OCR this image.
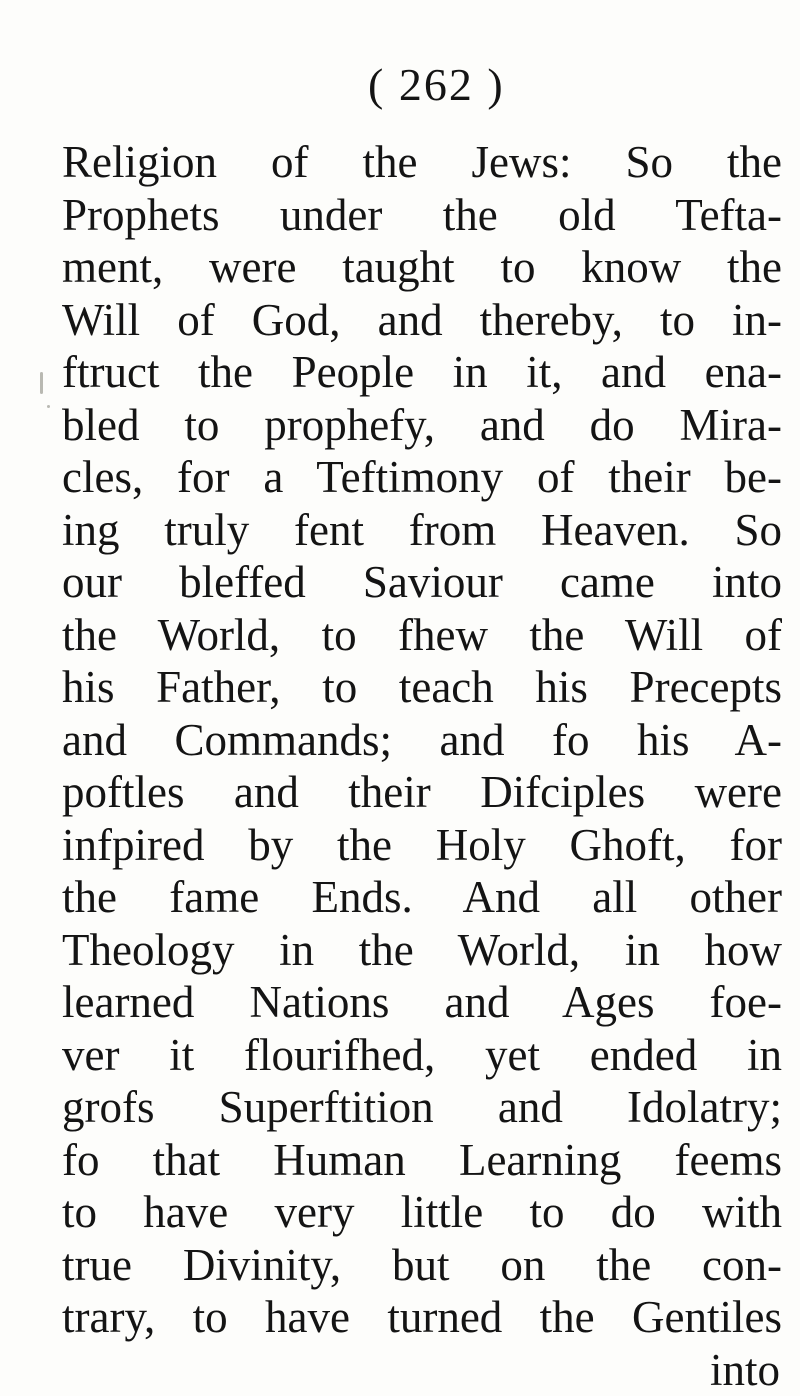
( 262 )
Religion of the Jews: So the
Prophets under the old Tefta-
ment, were taught to know the
Will of God, and thereby, to in-
ftruct the People in it, and ena-
bled to prophefy, and do Mira-
cles, for a Teftimony of their be-
ing truly fent from Heaven. So
our bleffed Saviour came into
the World, to fhew the Will of
his Father, to teach his Precepts
and Commands; and fo his A-
poftles and their Difciples were
infpired by the Holy Ghoft, for
the fame Ends. And all other
Theology in the World, in how
learned Nations and Ages foe-
ver it flourifhed, yet ended in
grofs Superftition and Idolatry;
fo that Human Learning feems
to have very little to do with
true Divinity, but on the con-
trary, to have turned the Gentiles
into
